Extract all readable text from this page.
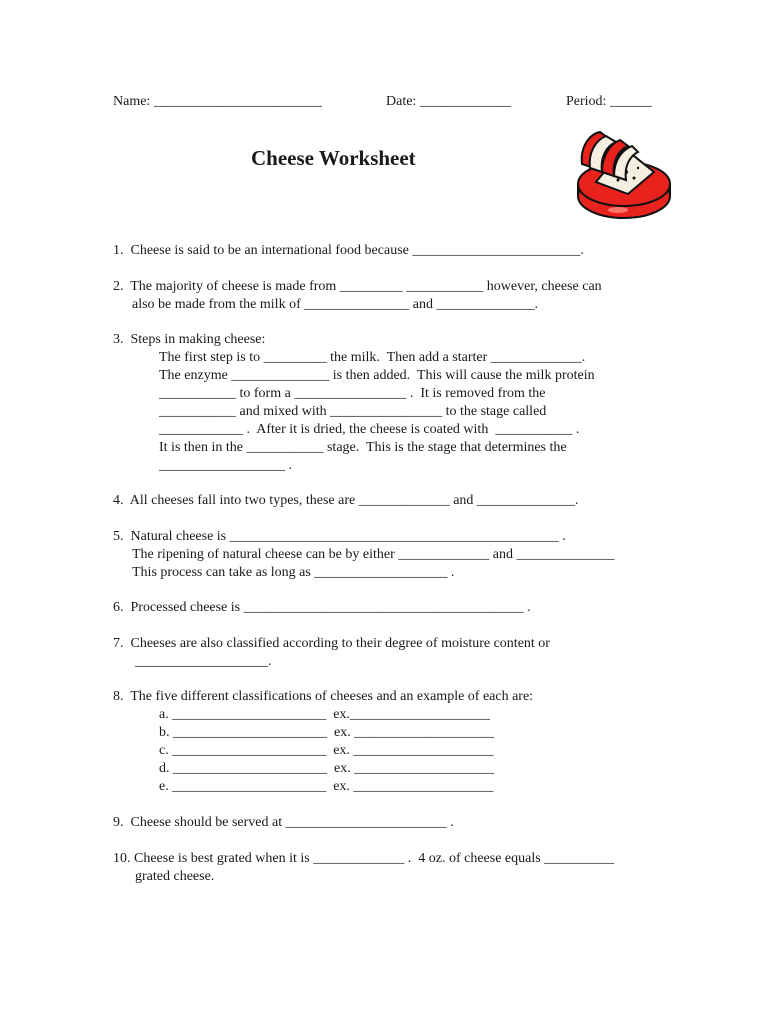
Name: ________________________	Date: _____________	Period: ______
Cheese Worksheet
1.  Cheese is said to be an international food because ________________________.
2.  The majority of cheese is made from _________ ___________ however, cheese can
also be made from the milk of _______________ and ______________.
3.  Steps in making cheese:
The first step is to _________ the milk.  Then add a starter _____________.
The enzyme ______________ is then added.  This will cause the milk protein
___________ to form a ________________ .  It is removed from the
___________ and mixed with ________________ to the stage called
____________ .  After it is dried, the cheese is coated with  ___________ .
It is then in the ___________ stage.  This is the stage that determines the
__________________ .
4.  All cheeses fall into two types, these are _____________ and ______________.
5.  Natural cheese is _______________________________________________ .
The ripening of natural cheese can be by either _____________ and ______________
This process can take as long as ___________________ .
6.  Processed cheese is ________________________________________ .
7.  Cheeses are also classified according to their degree of moisture content or
___________________.
8.  The five different classifications of cheeses and an example of each are:
a. ______________________  ex.____________________
b. ______________________  ex. ____________________
c. ______________________  ex. ____________________
d. ______________________  ex. ____________________
e. ______________________  ex. ____________________
9.  Cheese should be served at _______________________ .
10. Cheese is best grated when it is _____________ .  4 oz. of cheese equals __________
grated cheese.
